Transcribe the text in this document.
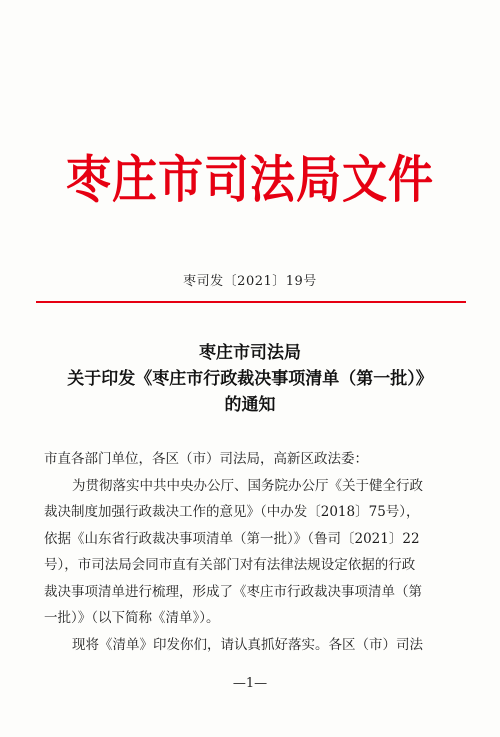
枣庄市司法局文件
枣司发〔2021〕19号
枣庄市司法局
关于印发《枣庄市行政裁决事项清单（第一批）》
的通知
市直各部门单位，各区（市）司法局，高新区政法委：
为贯彻落实中共中央办公厅、国务院办公厅《关于健全行政
裁决制度加强行政裁决工作的意见》（中办发〔2018〕75号），
依据《山东省行政裁决事项清单（第一批）》（鲁司〔2021〕22
号），市司法局会同市直有关部门对有法律法规设定依据的行政
裁决事项清单进行梳理，形成了《枣庄市行政裁决事项清单（第
一批）》（以下简称《清单》）。
现将《清单》印发你们，请认真抓好落实。各区（市）司法
—1—
